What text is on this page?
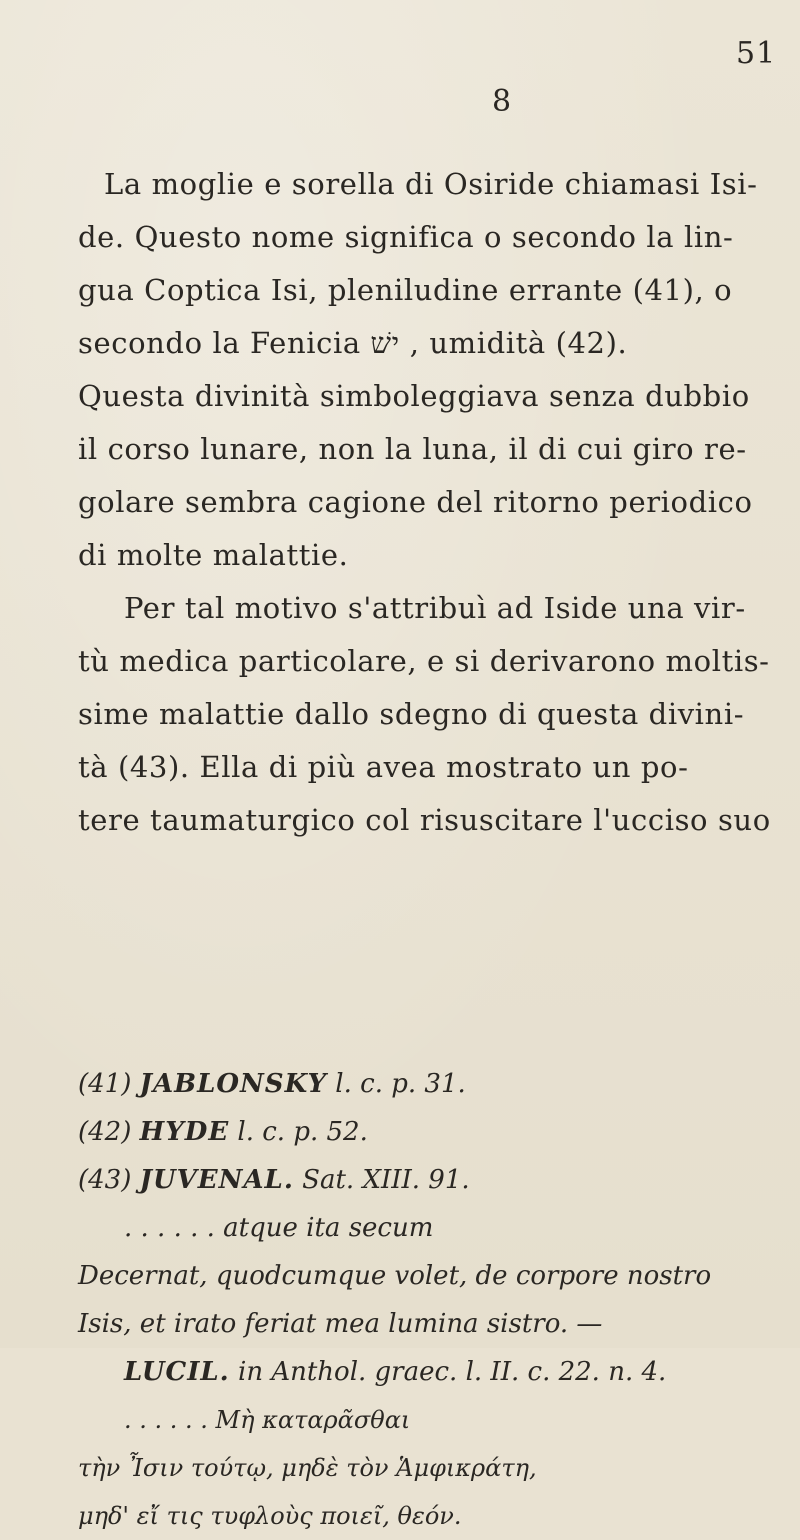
51
8
La moglie e sorella di Osiride chiamasi Isi-
de. Questo nome significa o secondo la lin-
gua Coptica Isi, pleniludine errante (41), o
secondo la Fenicia ישׁ , umidità (42).
Questa divinità simboleggiava senza dubbio
il corso lunare, non la luna, il di cui giro re-
golare sembra cagione del ritorno periodico
di molte malattie.
Per tal motivo s'attribuì ad Iside una vir-
tù medica particolare, e si derivarono moltis-
sime malattie dallo sdegno di questa divini-
tà (43). Ella di più avea mostrato un po-
tere taumaturgico col risuscitare l'ucciso suo
(41) JABLONSKY l. c. p. 31.
(42) HYDE l. c. p. 52.
(43) JUVENAL. Sat. XIII. 91.
. . . . . . atque ita secum
Decernat, quodcumque volet, de corpore nostro
Isis, et irato feriat mea lumina sistro. —
LUCIL. in Anthol. graec. l. II. c. 22. n. 4.
. . . . . . Μὴ καταρᾶσθαι
τὴν Ἶσιν τούτῳ, μηδὲ τὸν Ἁμφικράτη,
μηδ' εἴ τις τυφλοὺς ποιεῖ, θεόν.
